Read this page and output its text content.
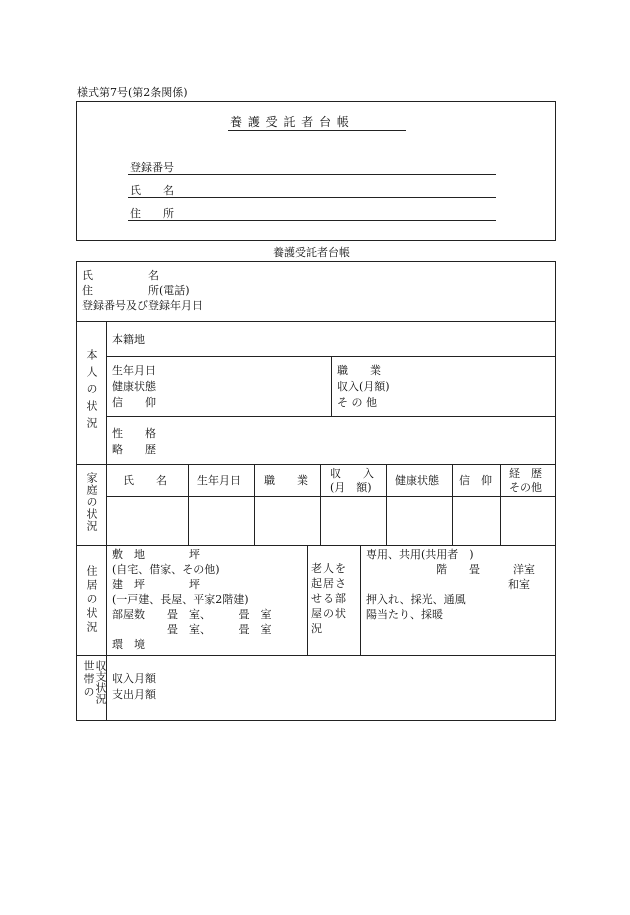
様式第7号(第2条関係)
養 護 受 託 者 台 帳
登録番号
氏　　名
住　　所
養護受託者台帳
氏　　　　　名
住　　　　　所(電話)
登録番号及び登録年月日
本人の状況
本籍地
生年月日
健康状態
信　　仰
職　　業
収入(月額)
そ の 他
性　　格
略　　歴
家庭の状況 氏　　名	生年月日 職　　業
収　　入
(月　額)
健康状態 信　仰
経　歴
その他
住居の状況
敷　地　　　　坪
(自宅、借家、その他)
建　坪　　　　坪
(一戸建、長屋、平家2階建)
部屋数　　畳　室、　　　畳　室
　　　　　畳　室、　　　畳　室
環　境
老人を起居させる部屋の状況
専用、共用(共用者　)
階　　畳　　　洋室
和室
押入れ、採光、通風
陽当たり、採暖
世帯の 収支状況 収入月額
支出月額
